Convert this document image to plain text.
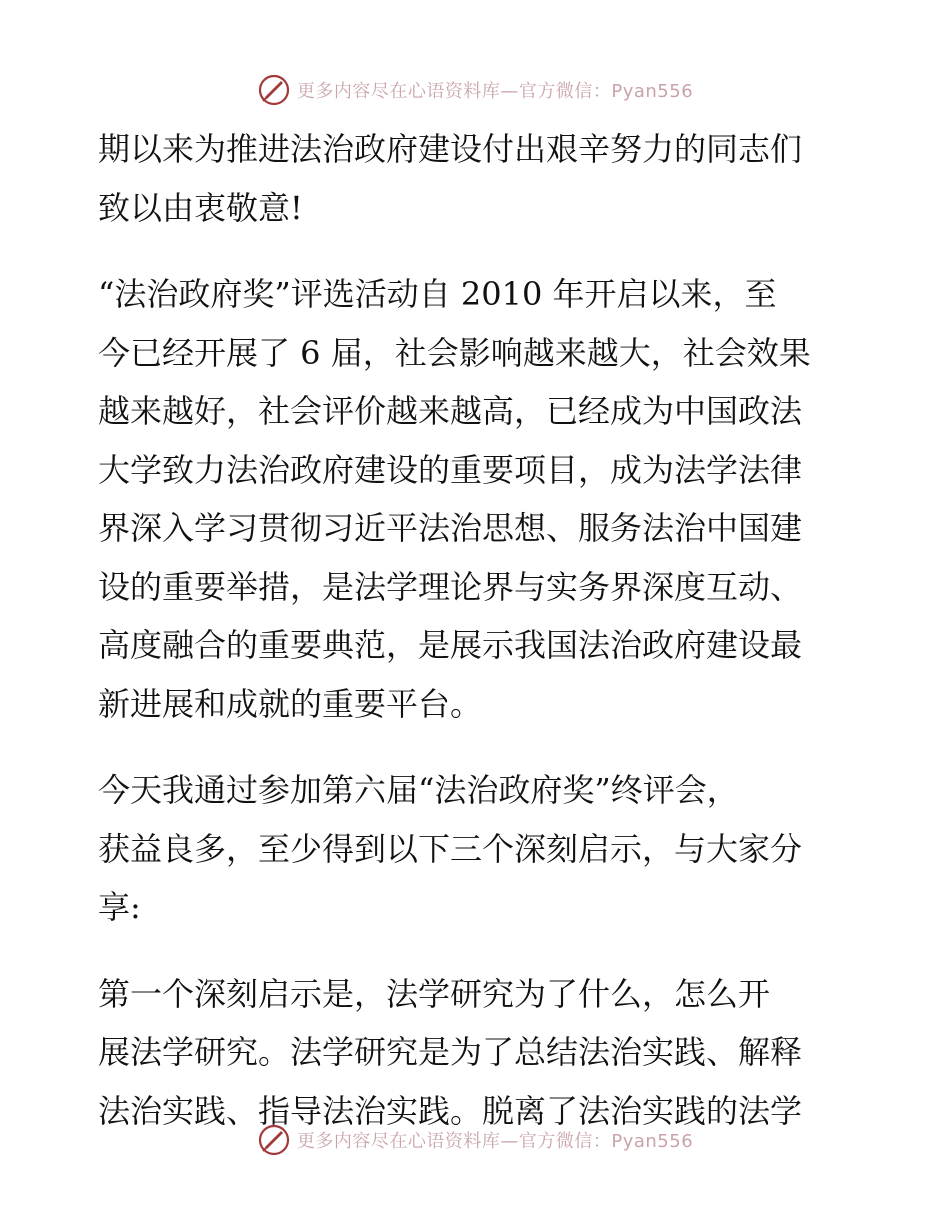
更多内容尽在心语资料库—官方微信：Pyan556

期以来为推进法治政府建设付出艰辛努力的同志们
致以由衷敬意!

“法治政府奖”评选活动自 2010 年开启以来，至
今已经开展了 6 届，社会影响越来越大，社会效果
越来越好，社会评价越来越高，已经成为中国政法
大学致力法治政府建设的重要项目，成为法学法律
界深入学习贯彻习近平法治思想、服务法治中国建
设的重要举措，是法学理论界与实务界深度互动、
高度融合的重要典范，是展示我国法治政府建设最
新进展和成就的重要平台。

今天我通过参加第六届“法治政府奖”终评会，
获益良多，至少得到以下三个深刻启示，与大家分
享:

第一个深刻启示是，法学研究为了什么，怎么开
展法学研究。法学研究是为了总结法治实践、解释
法治实践、指导法治实践。脱离了法治实践的法学

更多内容尽在心语资料库—官方微信：Pyan556
